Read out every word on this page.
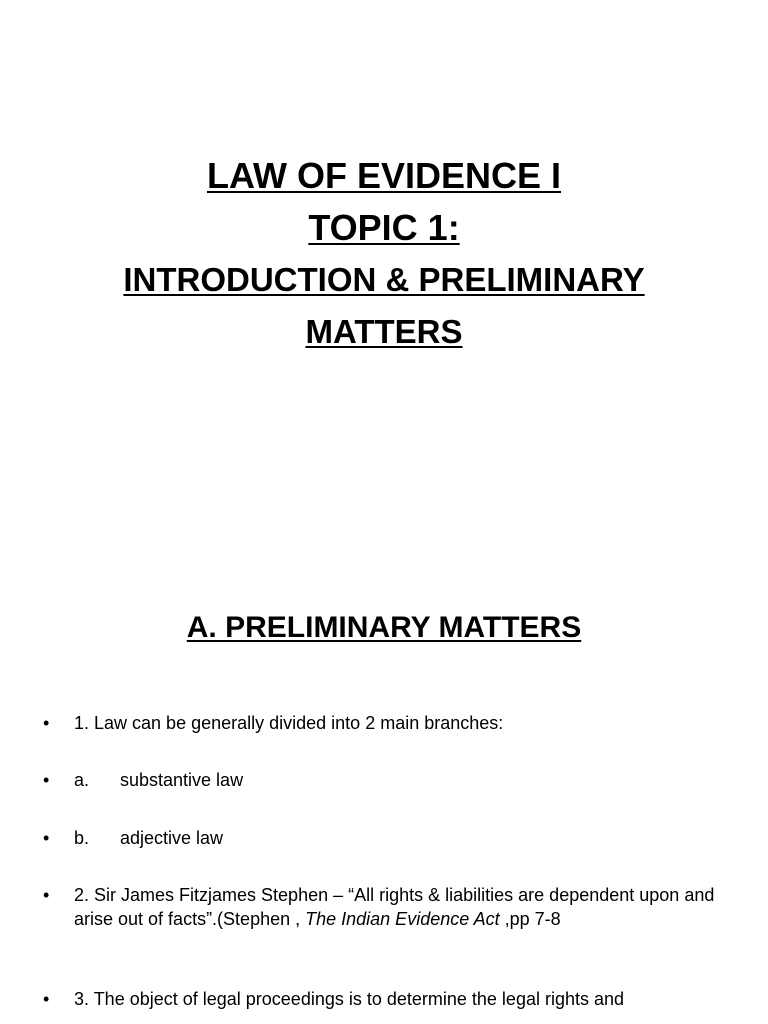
LAW OF EVIDENCE I
TOPIC 1:
INTRODUCTION & PRELIMINARY
MATTERS
A. PRELIMINARY MATTERS
• 1. Law can be generally divided into 2 main branches:
• a. substantive law
• b. adjective law
• 2. Sir James Fitzjames Stephen – “All rights & liabilities are dependent upon and arise out of facts”.(Stephen , The Indian Evidence Act ,pp 7-8
• 3. The object of legal proceedings is to determine the legal rights and
